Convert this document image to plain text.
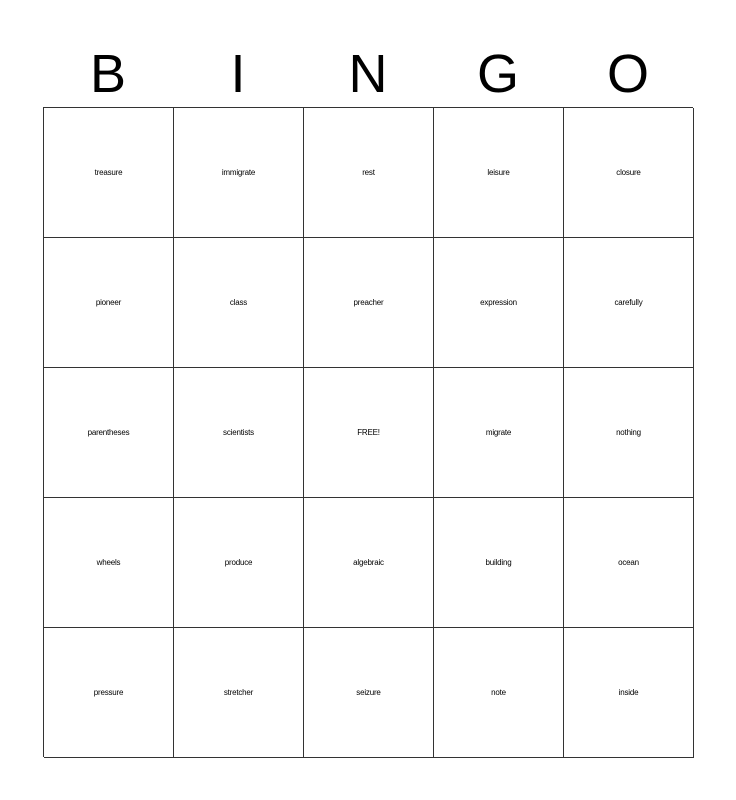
B	I	N	G	O
treasure	immigrate	rest	leisure	closure
pioneer	class	preacher	expression	carefully
parentheses	scientists	FREE!	migrate	nothing
wheels	produce	algebraic	building	ocean
pressure	stretcher	seizure	note	inside
